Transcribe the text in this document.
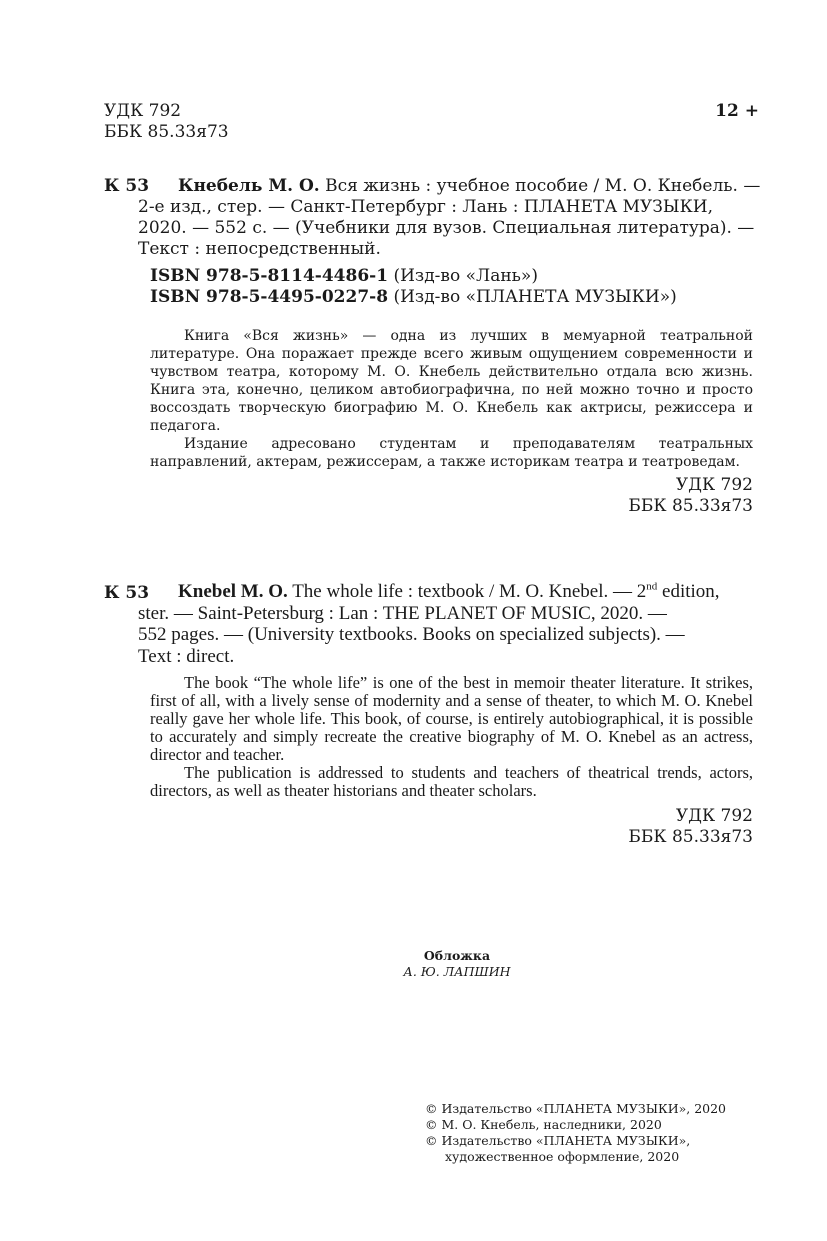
УДК 792
ББК 85.33я73
12 +
К 53	Кнебель М. О. Вся жизнь : учебное пособие / М. О. Кнебель. —
2-е изд., стер. — Санкт-Петербург : Лань : ПЛАНЕТА МУЗЫКИ,
2020. — 552 с. — (Учебники для вузов. Специальная литература). —
Текст : непосредственный.
ISBN 978-5-8114-4486-1 (Изд-во «Лань»)
ISBN 978-5-4495-0227-8 (Изд-во «ПЛАНЕТА МУЗЫКИ»)
Книга «Вся жизнь» — одна из лучших в мемуарной театральной литературе. Она поражает прежде всего живым ощущением современности и чувством театра, которому М. О. Кнебель действительно отдала всю жизнь. Книга эта, конечно, целиком автобиографична, по ней можно точно и просто воссоздать творческую биографию М. О. Кнебель как актрисы, режиссера и педагога.
Издание адресовано студентам и преподавателям театральных направлений, актерам, режиссерам, а также историкам театра и театроведам.
УДК 792
ББК 85.33я73
К 53	Knebel M. O. The whole life : textbook / M. O. Knebel. — 2nd edition,
ster. — Saint-Petersburg : Lan : THE PLANET OF MUSIC, 2020. —
552 pages. — (University textbooks. Books on specialized subjects). —
Text : direct.
The book “The whole life” is one of the best in memoir theater literature. It strikes, first of all, with a lively sense of modernity and a sense of theater, to which M. O. Knebel really gave her whole life. This book, of course, is entirely autobiographical, it is possible to accurately and simply recreate the creative biography of M. O. Knebel as an actress, director and teacher.
The publication is addressed to students and teachers of theatrical trends, actors, directors, as well as theater historians and theater scholars.
УДК 792
ББК 85.33я73
Обложка
А. Ю. ЛАПШИН
© Издательство «ПЛАНЕТА МУЗЫКИ», 2020
© М. О. Кнебель, наследники, 2020
© Издательство «ПЛАНЕТА МУЗЫКИ»,
художественное оформление, 2020
